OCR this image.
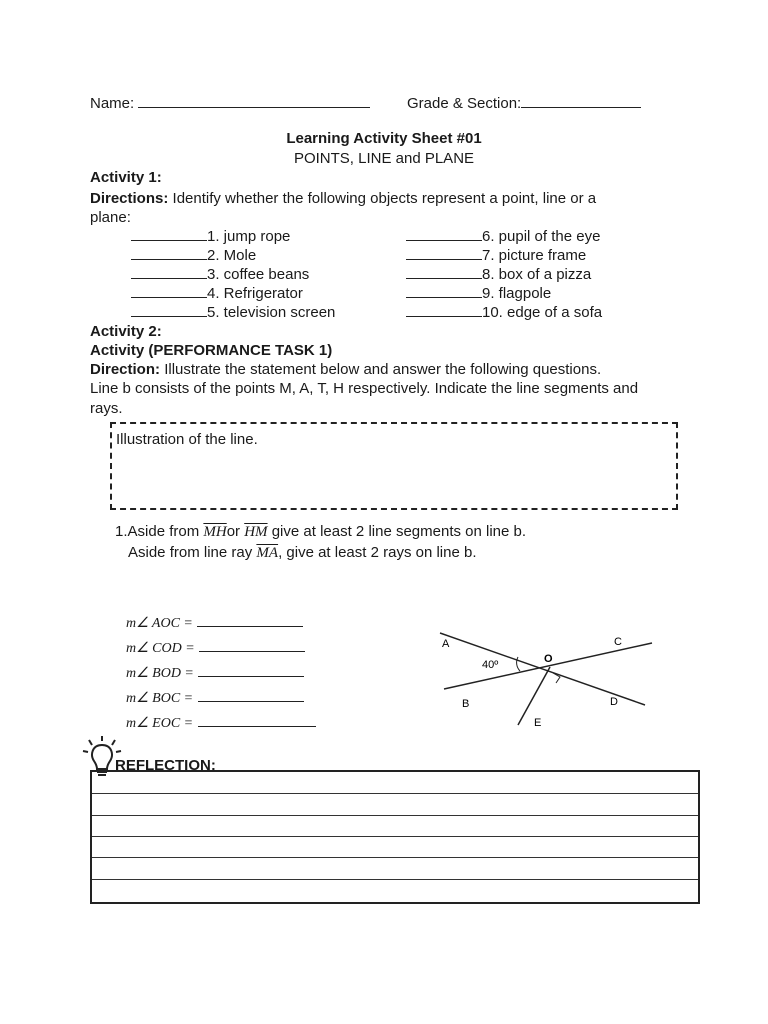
Name:	Grade & Section:
Learning Activity Sheet #01
POINTS, LINE and PLANE
Activity 1:
Directions: Identify whether the following objects represent a point, line or a
plane:
1. jump rope
2. Mole
3. coffee beans
4. Refrigerator
5. television screen
6. pupil of the eye
7. picture frame
8. box of a pizza
9. flagpole
10. edge of a sofa
Activity 2:
Activity (PERFORMANCE TASK 1)
Direction: Illustrate the statement below and answer the following questions.
Line b consists of the points M, A, T, H respectively. Indicate the line segments and
rays.
Illustration of the line.
1.Aside from $\overline{MH}or$ $\overline{HM}$ give at least 2 line segments on line b.
Aside from line ray $\overline{MA}$, give at least 2 rays on line b.
m∠ AOC =
m∠ COD =
m∠ BOD =
m∠ BOC =
m∠ EOC =
A	C
O
40º
B	D
E
REFLECTION:
